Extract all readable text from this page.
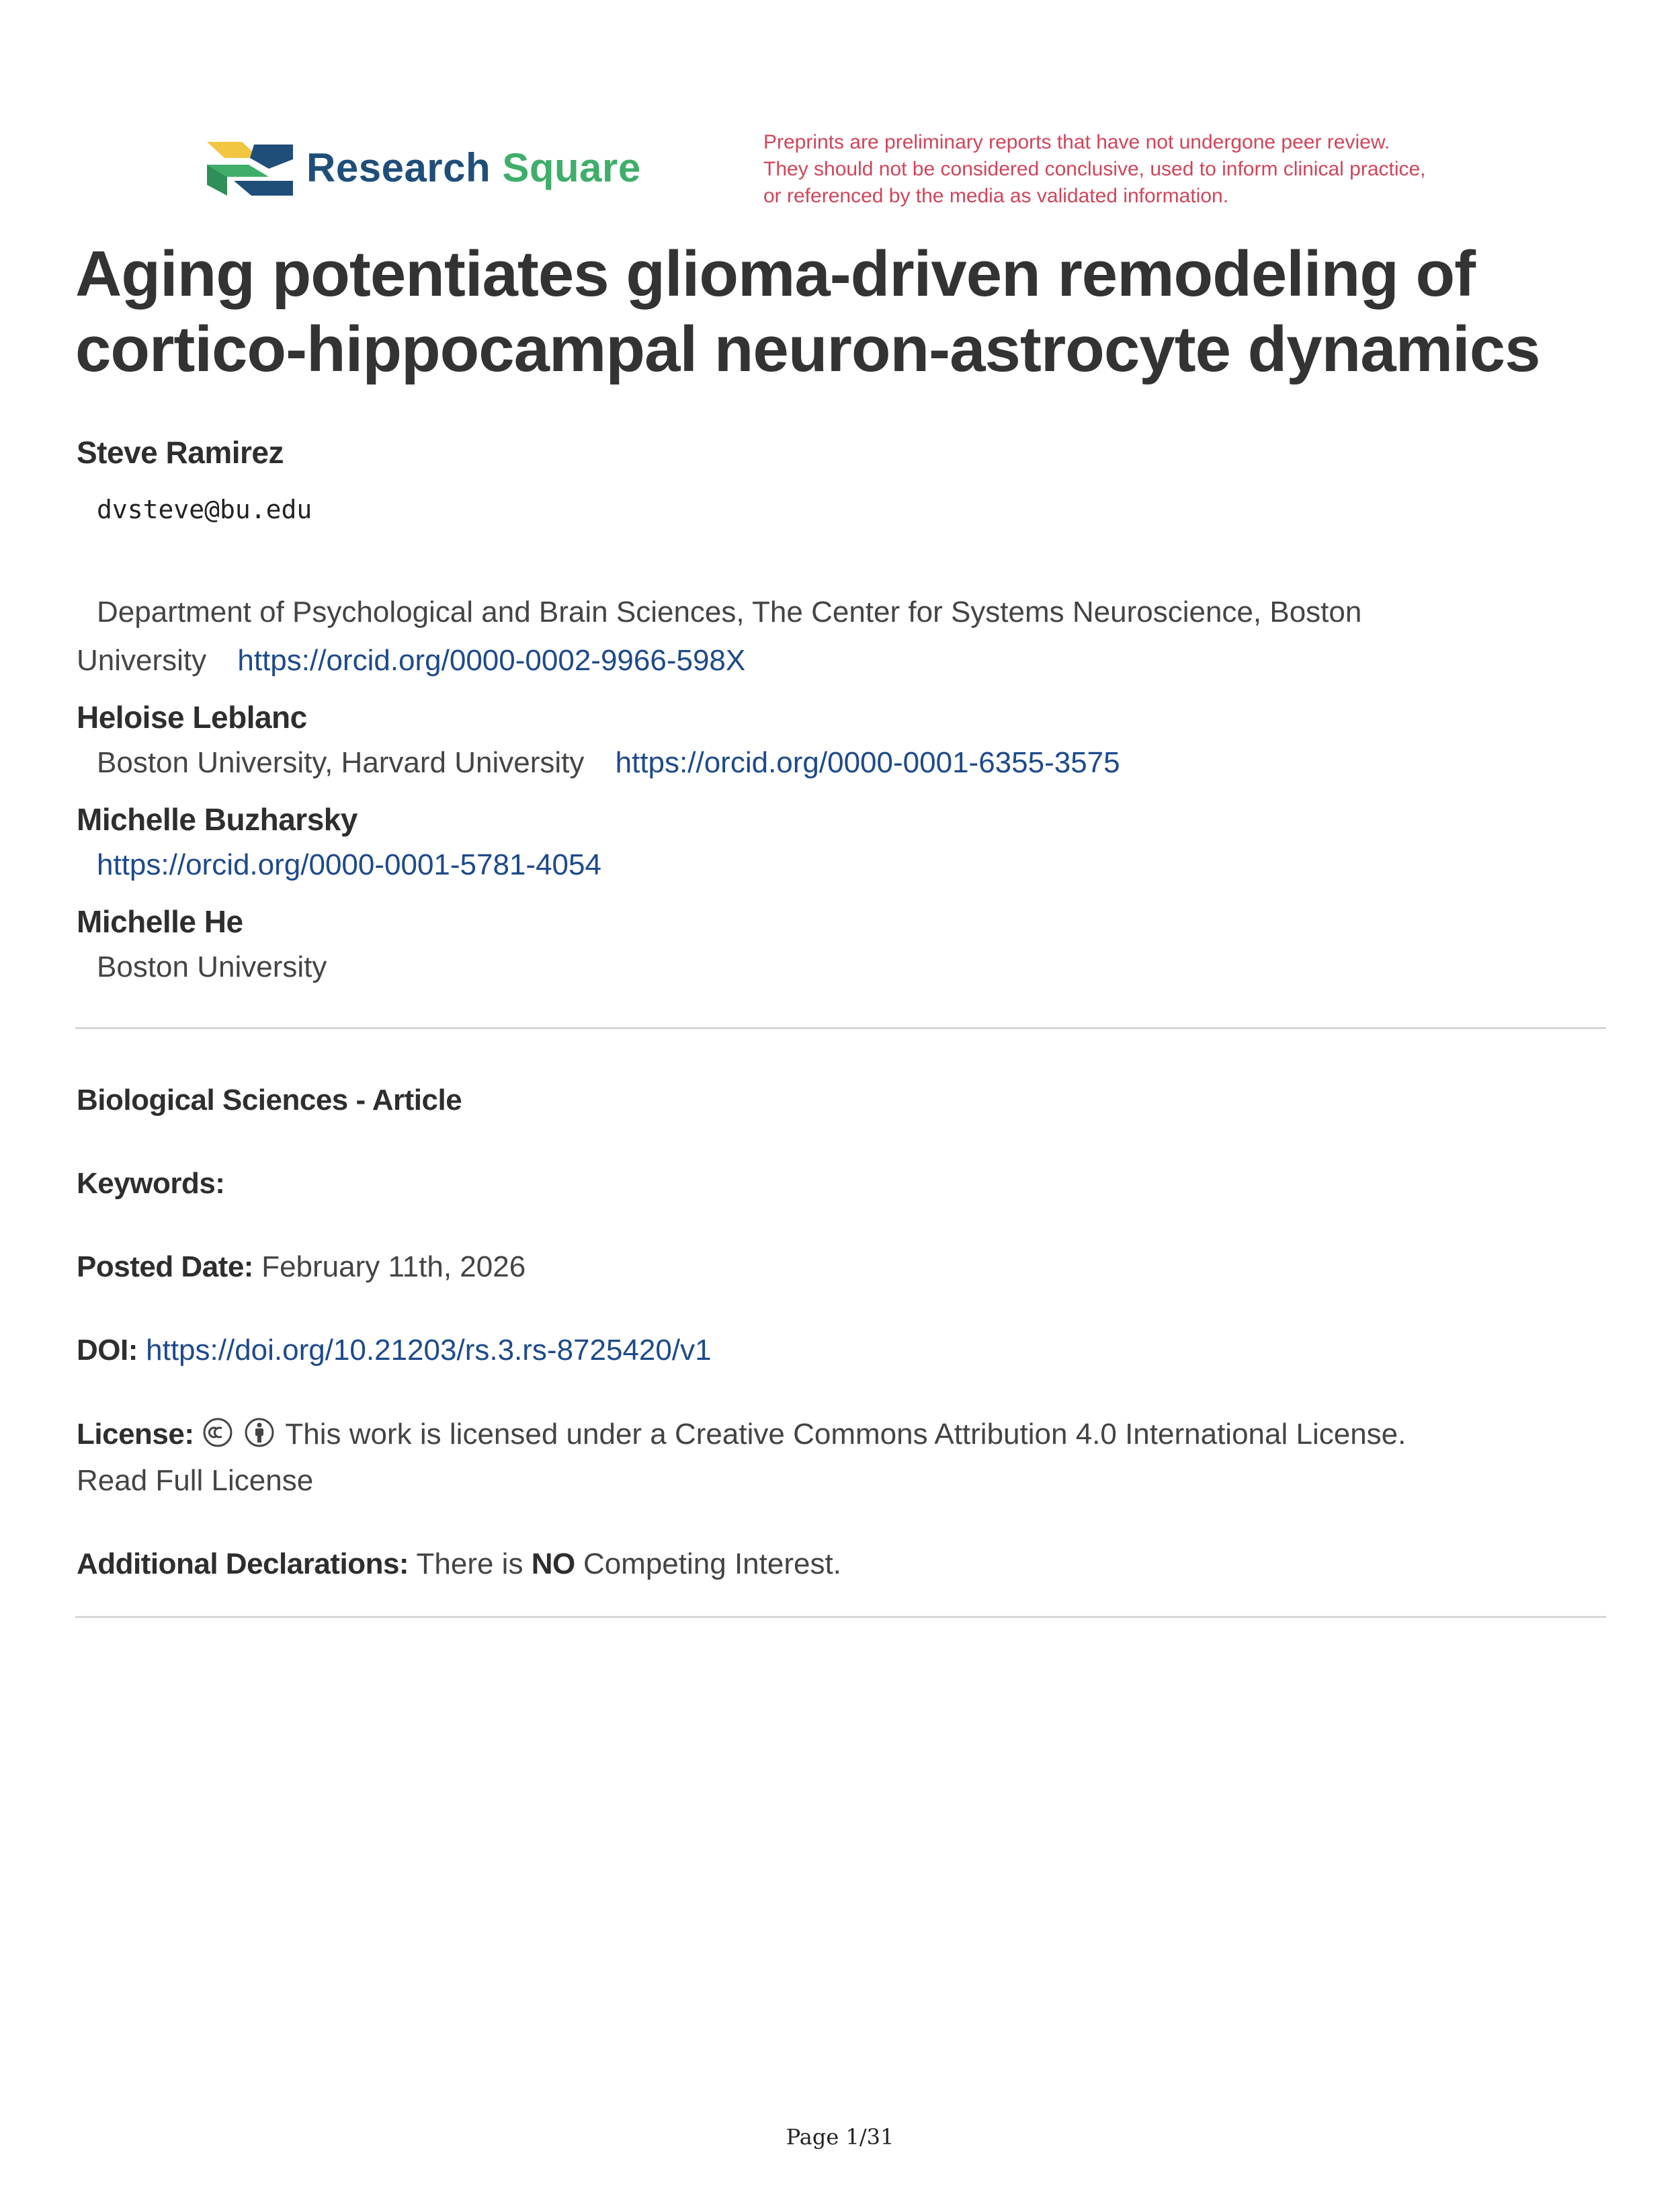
Research Square
Preprints are preliminary reports that have not undergone peer review.
They should not be considered conclusive, used to inform clinical practice,
or referenced by the media as validated information.
Aging potentiates glioma-driven remodeling of
cortico-hippocampal neuron-astrocyte dynamics
Steve Ramirez
dvsteve@bu.edu
Department of Psychological and Brain Sciences, The Center for Systems Neuroscience, Boston
University https://orcid.org/0000-0002-9966-598X
Heloise Leblanc
Boston University, Harvard University https://orcid.org/0000-0001-6355-3575
Michelle Buzharsky
https://orcid.org/0000-0001-5781-4054
Michelle He
Boston University
Biological Sciences - Article
Keywords:
Posted Date: February 11th, 2026
DOI: https://doi.org/10.21203/rs.3.rs-8725420/v1
License:	This work is licensed under a Creative Commons Attribution 4.0 International License.
Read Full License
Additional Declarations: There is NO Competing Interest.
Page 1/31
